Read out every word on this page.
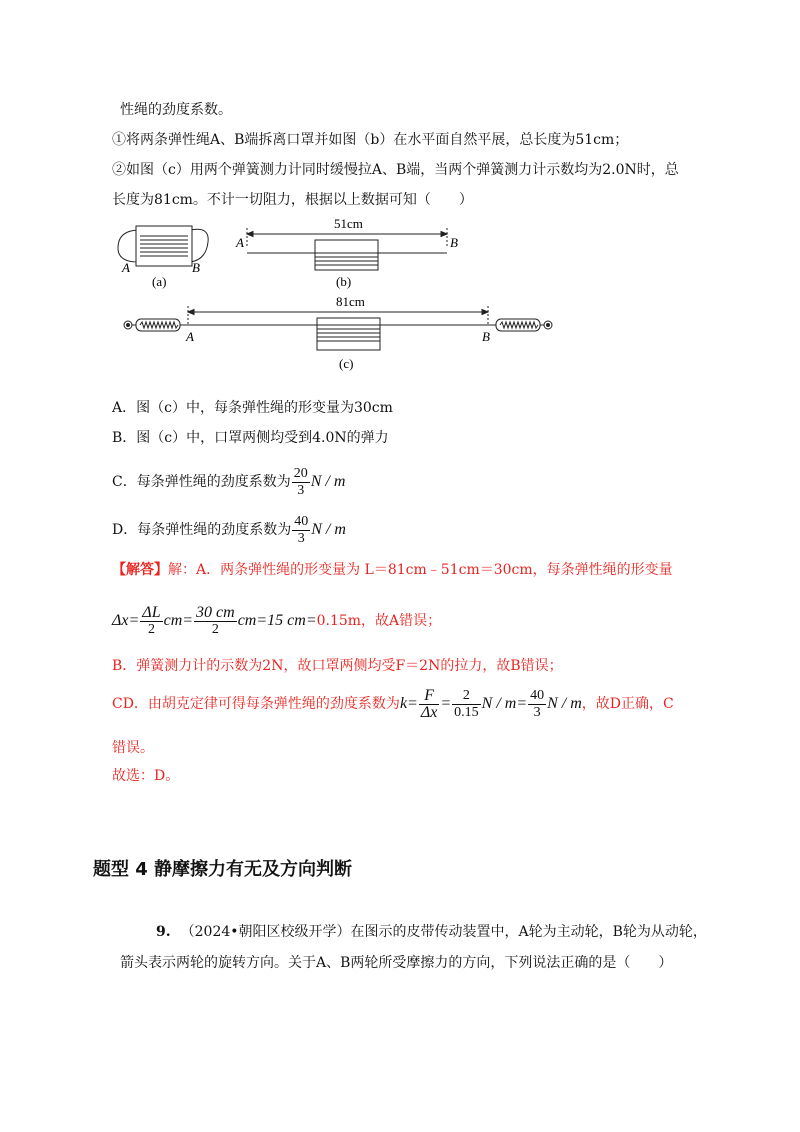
性绳的劲度系数。
①将两条弹性绳A、B端拆离口罩并如图（b）在水平面自然平展，总长度为51cm；
②如图（c）用两个弹簧测力计同时缓慢拉A、B端，当两个弹簧测力计示数均为2.0N时，总
长度为81cm。不计一切阻力，根据以上数据可知（　　）
A	B
(a)
51cm
A	B
(b)
81cm
A	B
(c)
A．图（c）中，每条弹性绳的形变量为30cm
B．图（c）中，口罩两侧均受到4.0N的弹力
C．每条弹性绳的劲度系数为 $\frac{20}{3}$ N / m
D．每条弹性绳的劲度系数为 $\frac{40}{3}$ N / m
【解答】解：A．两条弹性绳的形变量为 L＝81cm﹣51cm＝30cm，每条弹性绳的形变量
$\Delta x= \frac{\Delta L}{2} cm= \frac{30 cm}{2} cm=15$ cm=0.15m，故A错误；
B．弹簧测力计的示数为2N，故口罩两侧均受F＝2N的拉力，故B错误；
CD．由胡克定律可得每条弹性绳的劲度系数为$k= \frac{F}{\Delta x} = \frac{2}{0.15}$ $N / m= \frac{40}{3}$ N / m，故D正确，C
错误。
故选：D。
题型 4 静摩擦力有无及方向判断
9. （2024•朝阳区校级开学）在图示的皮带传动装置中，A轮为主动轮，B轮为从动轮，
箭头表示两轮的旋转方向。关于A、B两轮所受摩擦力的方向，下列说法正确的是（　　）
